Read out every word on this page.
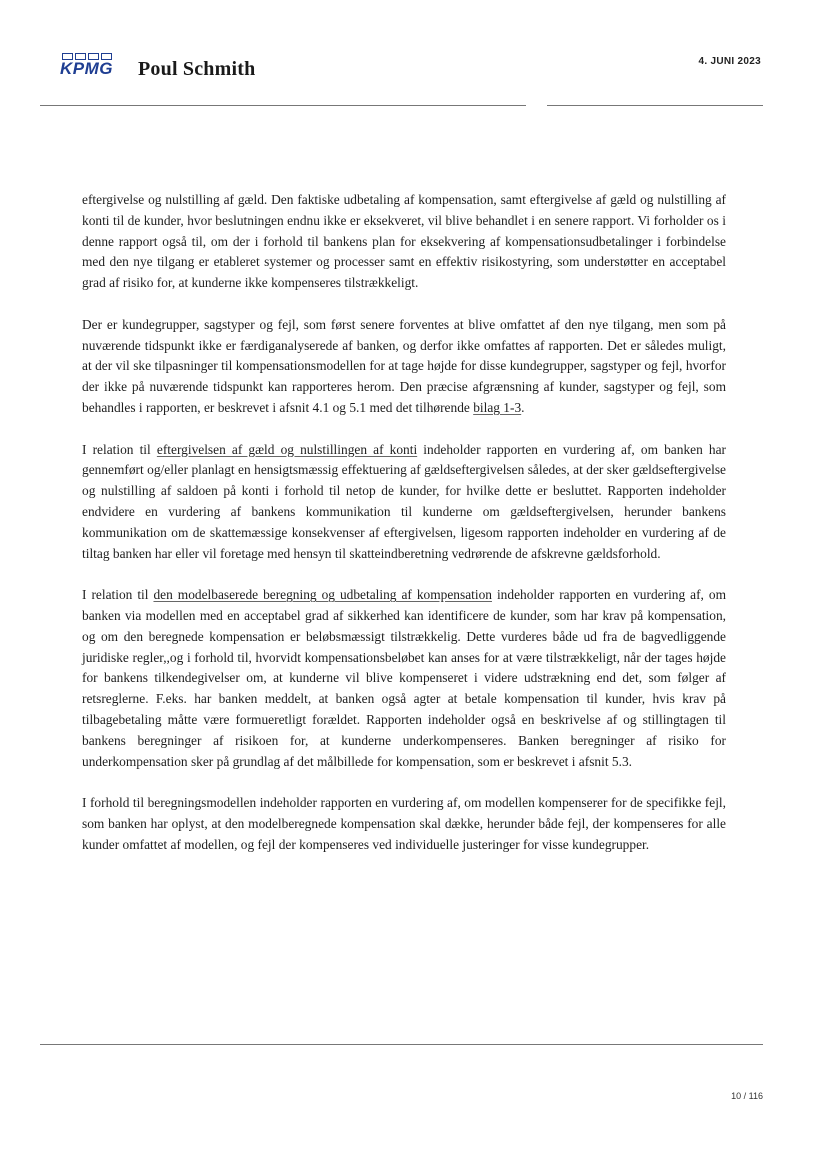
KPMG Poul Schmith	4. JUNI 2023

eftergivelse og nulstilling af gæld. Den faktiske udbetaling af kompensation, samt eftergivelse af gæld og nulstilling af konti til de kunder, hvor beslutningen endnu ikke er eksekveret, vil blive behandlet i en senere rapport. Vi forholder os i denne rapport også til, om der i forhold til bankens plan for eksekvering af kompensationsudbetalinger i forbindelse med den nye tilgang er etableret systemer og processer samt en effektiv risikostyring, som understøtter en acceptabel grad af risiko for, at kunderne ikke kompenseres tilstrækkeligt.

Der er kundegrupper, sagstyper og fejl, som først senere forventes at blive omfattet af den nye tilgang, men som på nuværende tidspunkt ikke er færdiganalyserede af banken, og derfor ikke omfattes af rapporten. Det er således muligt, at der vil ske tilpasninger til kompensationsmodellen for at tage højde for disse kundegrupper, sagstyper og fejl, hvorfor der ikke på nuværende tidspunkt kan rapporteres herom. Den præcise afgrænsning af kunder, sagstyper og fejl, som behandles i rapporten, er beskrevet i afsnit 4.1 og 5.1 med det tilhørende bilag 1-3.

I relation til eftergivelsen af gæld og nulstillingen af konti indeholder rapporten en vurdering af, om banken har gennemført og/eller planlagt en hensigtsmæssig effektuering af gældseftergivelsen således, at der sker gældseftergivelse og nulstilling af saldoen på konti i forhold til netop de kunder, for hvilke dette er besluttet. Rapporten indeholder endvidere en vurdering af bankens kommunikation til kunderne om gældseftergivelsen, herunder bankens kommunikation om de skattemæssige konsekvenser af eftergivelsen, ligesom rapporten indeholder en vurdering af de tiltag banken har eller vil foretage med hensyn til skatteindberetning vedrørende de afskrevne gældsforhold.

I relation til den modelbaserede beregning og udbetaling af kompensation indeholder rapporten en vurdering af, om banken via modellen med en acceptabel grad af sikkerhed kan identificere de kunder, som har krav på kompensation, og om den beregnede kompensation er beløbsmæssigt tilstrækkelig. Dette vurderes både ud fra de bagvedliggende juridiske regler,,og i forhold til, hvorvidt kompensationsbeløbet kan anses for at være tilstrækkeligt, når der tages højde for bankens tilkendegivelser om, at kunderne vil blive kompenseret i videre udstrækning end det, som følger af retsreglerne. F.eks. har banken meddelt, at banken også agter at betale kompensation til kunder, hvis krav på tilbagebetaling måtte være formueretligt forældet. Rapporten indeholder også en beskrivelse af og stillingtagen til bankens beregninger af risikoen for, at kunderne underkompenseres. Banken beregninger af risiko for underkompensation sker på grundlag af det målbillede for kompensation, som er beskrevet i afsnit 5.3.

I forhold til beregningsmodellen indeholder rapporten en vurdering af, om modellen kompenserer for de specifikke fejl, som banken har oplyst, at den modelberegnede kompensation skal dække, herunder både fejl, der kompenseres for alle kunder omfattet af modellen, og fejl der kompenseres ved individuelle justeringer for visse kundegrupper.

10 / 116
